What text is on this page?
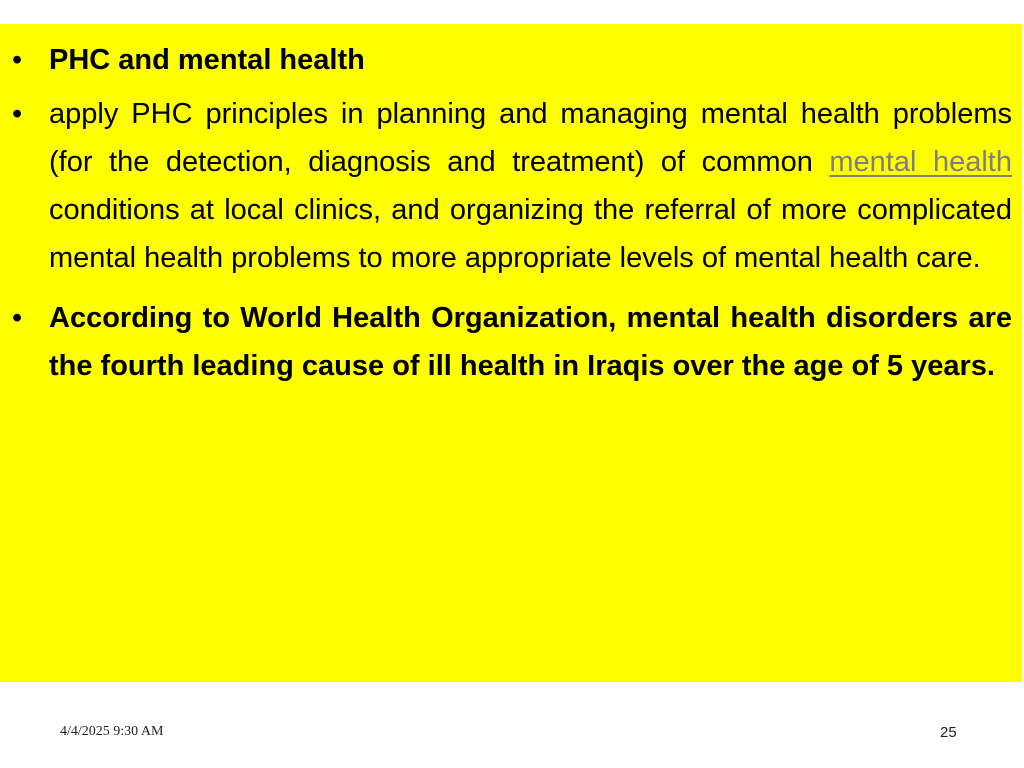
• PHC and mental health
• apply PHC principles in planning and managing mental health problems (for the detection, diagnosis and treatment) of common mental health conditions at local clinics, and organizing the referral of more complicated mental health problems to more appropriate levels of mental health care.
• According to World Health Organization, mental health disorders are the fourth leading cause of ill health in Iraqis over the age of 5 years.
4/4/2025 9:30 AM	25
